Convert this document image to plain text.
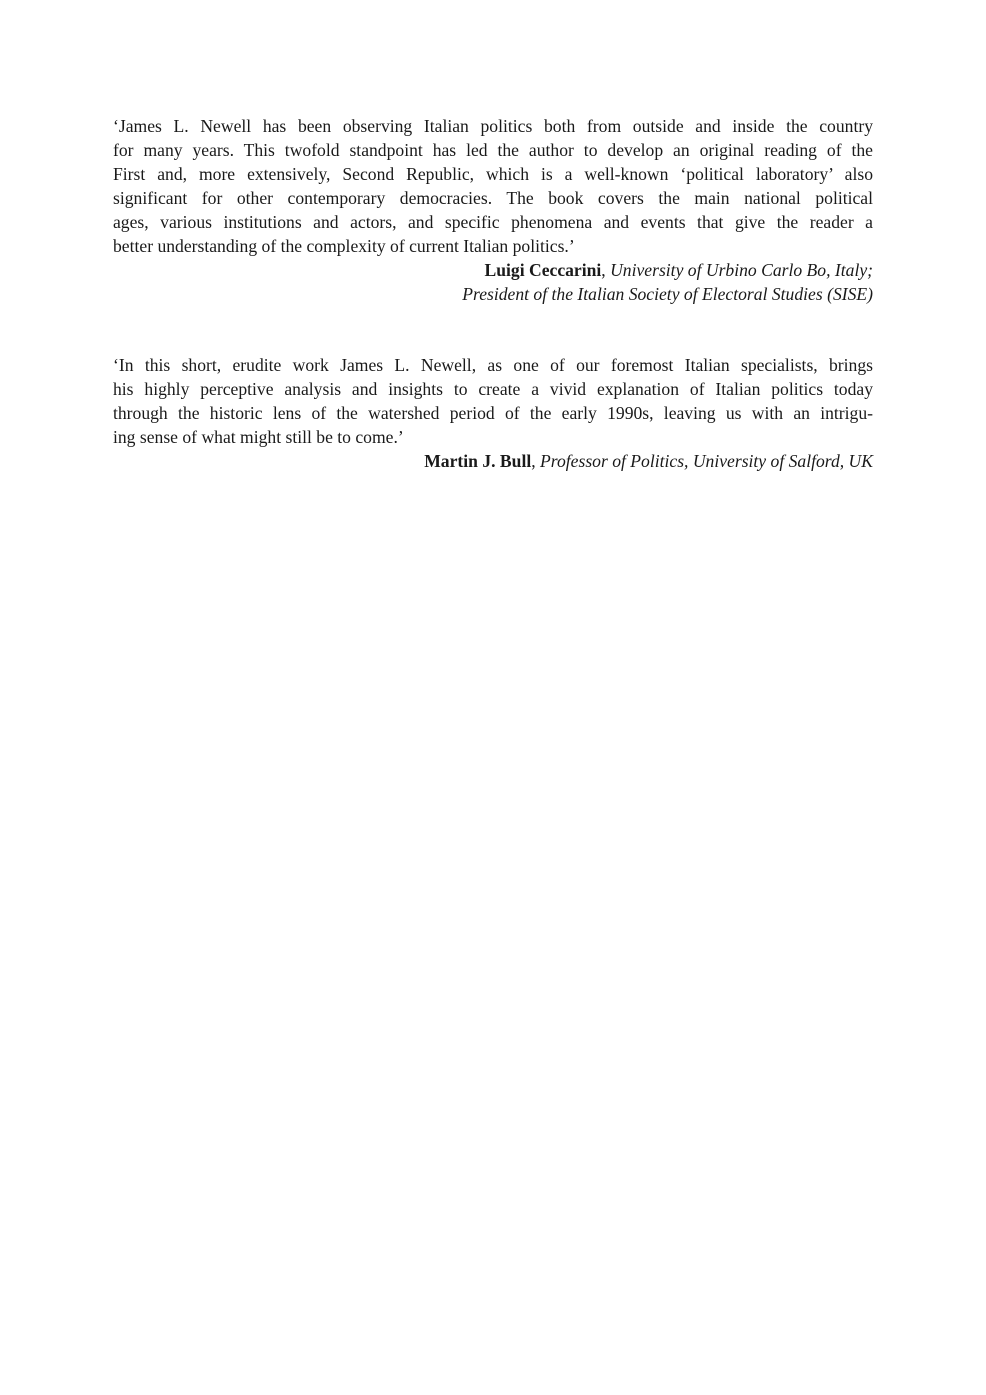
‘James L. Newell has been observing Italian politics both from outside and inside the country
for many years. This twofold standpoint has led the author to develop an original reading of the
First and, more extensively, Second Republic, which is a well-known ‘political laboratory’ also
significant for other contemporary democracies. The book covers the main national political
ages, various institutions and actors, and specific phenomena and events that give the reader a
better understanding of the complexity of current Italian politics.’

Luigi Ceccarini, University of Urbino Carlo Bo, Italy;
President of the Italian Society of Electoral Studies (SISE)

‘In this short, erudite work James L. Newell, as one of our foremost Italian specialists, brings
his highly perceptive analysis and insights to create a vivid explanation of Italian politics today
through the historic lens of the watershed period of the early 1990s, leaving us with an intrigu-
ing sense of what might still be to come.’

Martin J. Bull, Professor of Politics, University of Salford, UK
